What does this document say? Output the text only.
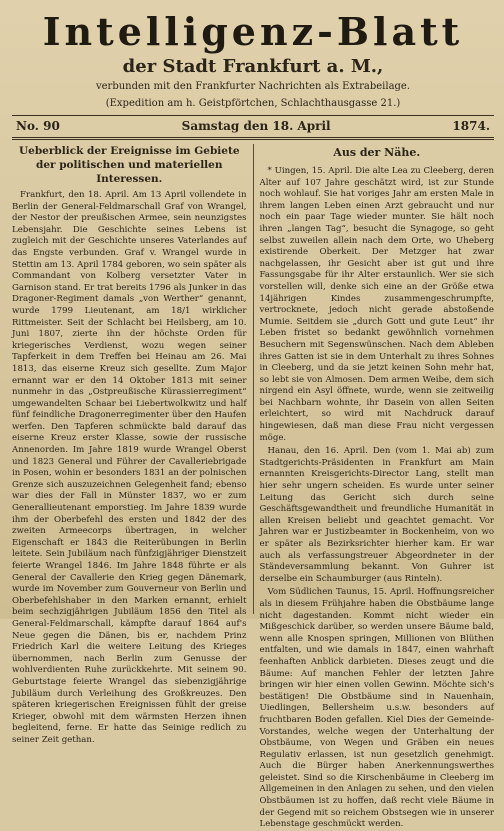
Intelligenz-Blatt
der Stadt Frankfurt a. M.,
verbunden mit den Frankfurter Nachrichten als Extrabeilage.
(Expedition am h. Geistpförtchen, Schlachthausgasse 21.)
No. 90	Samstag den 18. April	1874.
Ueberblick der Ereignisse im Gebiete der politischen und materiellen Interessen.

Frankfurt, den 18. April. Am 13 April vollendete in Berlin der General-Feldmarschall Graf von Wrangel, der Nestor der preußischen Armee, sein neunzigstes Lebensjahr. Die Geschichte seines Lebens ist zugleich mit der Geschichte unseres Vaterlandes auf das Engste verbunden. Graf v. Wrangel wurde in Stettin am 13. April 1784 geboren, wo sein später als Commandant von Kolberg versetzter Vater in Garnison stand. Er trat bereits 1796 als Junker in das Dragoner-Regiment damals „von Werther“ genannt, wurde 1799 Lieutenant, am 18/1 wirklicher Rittmeister. Seit der Schlacht bei Heilsberg, am 10. Juni 1807, zierte ihn der höchste Orden für kriegerisches Verdienst, wozu wegen seiner Tapferkeit in dem Treffen bei Heinau am 26. Mai 1813, das eiserne Kreuz sich gesellte. Zum Major ernannt war er den 14 Oktober 1813 mit seiner nunmehr in das „Ostpreußische Kürassierregiment“ umgewandelten Schaar bei Liebertwolkwitz und half fünf feindliche Dragonerregimenter über den Haufen werfen. Den Tapferen schmückte bald darauf das eiserne Kreuz erster Klasse, sowie der russische Annenorden. Im Jahre 1819 wurde Wrangel Oberst und 1823 General und Führer der Cavalleriebrigade in Posen, wohin er besonders 1831 an der polnischen Grenze sich auszuzeichnen Gelegenheit fand; ebenso war dies der Fall in Münster 1837, wo er zum Generallieutenant emporstieg. Im Jahre 1839 wurde ihm der Oberbefehl des ersten und 1842 der des zweiten Armeecorps übertragen, in welcher Eigenschaft er 1843 die Reiterübungen in Berlin leitete. Sein Jubiläum nach fünfzigjähriger Dienstzeit feierte Wrangel 1846. Im Jahre 1848 führte er als General der Cavallerie den Krieg gegen Dänemark, wurde im November zum Gouverneur von Berlin und Oberbefehlshaber in den Marken ernannt, erhielt beim sechzigjährigen Jubiläum 1856 den Titel als General-Feldmarschall, kämpfte darauf 1864 auf's Neue gegen die Dänen, bis er, nachdem Prinz Friedrich Karl die weitere Leitung des Krieges übernommen, nach Berlin zum Genusse der wohlverdienten Ruhe zurückkehrte. Mit seinem 90. Geburtstage feierte Wrangel das siebenzigjährige Jubiläum durch Verleihung des Großkreuzes. Den späteren kriegerischen Ereignissen fühlt der greise Krieger, obwohl mit dem wärmsten Herzen ihnen begleitend, ferne. Er hatte das Seinige redlich zu seiner Zeit gethan.

Aus der Nähe.

* Uingen, 15. April. Die alte Lea zu Cleeberg, deren Alter auf 107 Jahre geschätzt wird, ist zur Stunde noch wohlauf. Sie hat voriges Jahr am ersten Male in ihrem langen Leben einen Arzt gebraucht und nur noch ein paar Tage wieder munter. Sie hält noch ihren „langen Tag“, besucht die Synagoge, so geht selbst zuweilen allein nach dem Orte, wo Uheberg existirende Oberkeit. Der Metzger hat zwar nachgelassen, ihr Gesicht aber ist gut und ihre Fassungsgabe für ihr Alter erstaunlich. Wer sie sich vorstellen will, denke sich eine an der Größe etwa 14jährigen Kindes zusammengeschrumpfte, vertrocknete, jedoch nicht gerade abstoßende Mumie. Seitdem sie „durch Gott und gute Leut“ ihr Leben fristet so bedankt gewöhnlich vornehmen Besuchern mit Segenswünschen. Nach dem Ableben ihres Gatten ist sie in dem Unterhalt zu ihres Sohnes in Cleeberg, und da sie jetzt keinen Sohn mehr hat, so lebt sie von Almosen. Dem armen Weibe, dem sich nirgend ein Asyl öffnete, wurde, wenn sie zeitweilig bei Nachbarn wohnte, ihr Dasein von allen Seiten erleichtert, so wird mit Nachdruck darauf hingewiesen, daß man diese Frau nicht vergessen möge.

Hanau, den 16. April. Den (vom 1. Mai ab) zum Stadtgerichts-Präsidenten in Frankfurt am Main ernannten Kreisgerichts-Director Lang, stellt man hier sehr ungern scheiden. Es wurde unter seiner Leitung das Gericht sich durch seine Geschäftsgewandtheit und freundliche Humanität in allen Kreisen beliebt und geachtet gemacht. Vor Jahren war er Justizbeamter in Bockenheim, von wo er später als Bezirksrichter hierher kam. Er war auch als verfassungstreuer Abgeordneter in der Ständeversammlung bekannt. Von Guhrer ist derselbe ein Schaumburger (aus Rinteln).

Vom Südlichen Taunus, 15. April. Hoffnungsreicher als in diesem Frühjahre haben die Obstbäume lange nicht dagestanden. Kommt nicht wieder ein Mißgeschick darüber, so werden unsere Bäume bald, wenn alle Knospen springen, Millionen von Blüthen entfalten, und wie damals in 1847, einen wahrhaft feenhaften Anblick darbieten. Dieses zeugt und die Bäume: Auf manchen Fehler der letzten Jahre bringen wir hier einen vollen Gewinn. Möchte sich's bestätigen! Die Obstbäume sind in Nauenhain, Uiedlingen, Bellersheim u.s.w. besonders auf fruchtbaren Boden gefallen. Kiel Dies der Gemeinde-Vorstandes, welche wegen der Unterhaltung der Obstbäume, von Wegen und Gräben ein neues Regulativ erlassen, ist nun gesetzlich genehmigt. Auch die Bürger haben Anerkennungswerthes geleistet. Sind so die Kirschenbäume in Cleeberg im Allgemeinen in den Anlagen zu sehen, und den vielen Obstbäumen ist zu hoffen, daß recht viele Bäume in der Gegend mit so reichem Obstsegen wie in unserer Lebenstage geschmückt werden.
